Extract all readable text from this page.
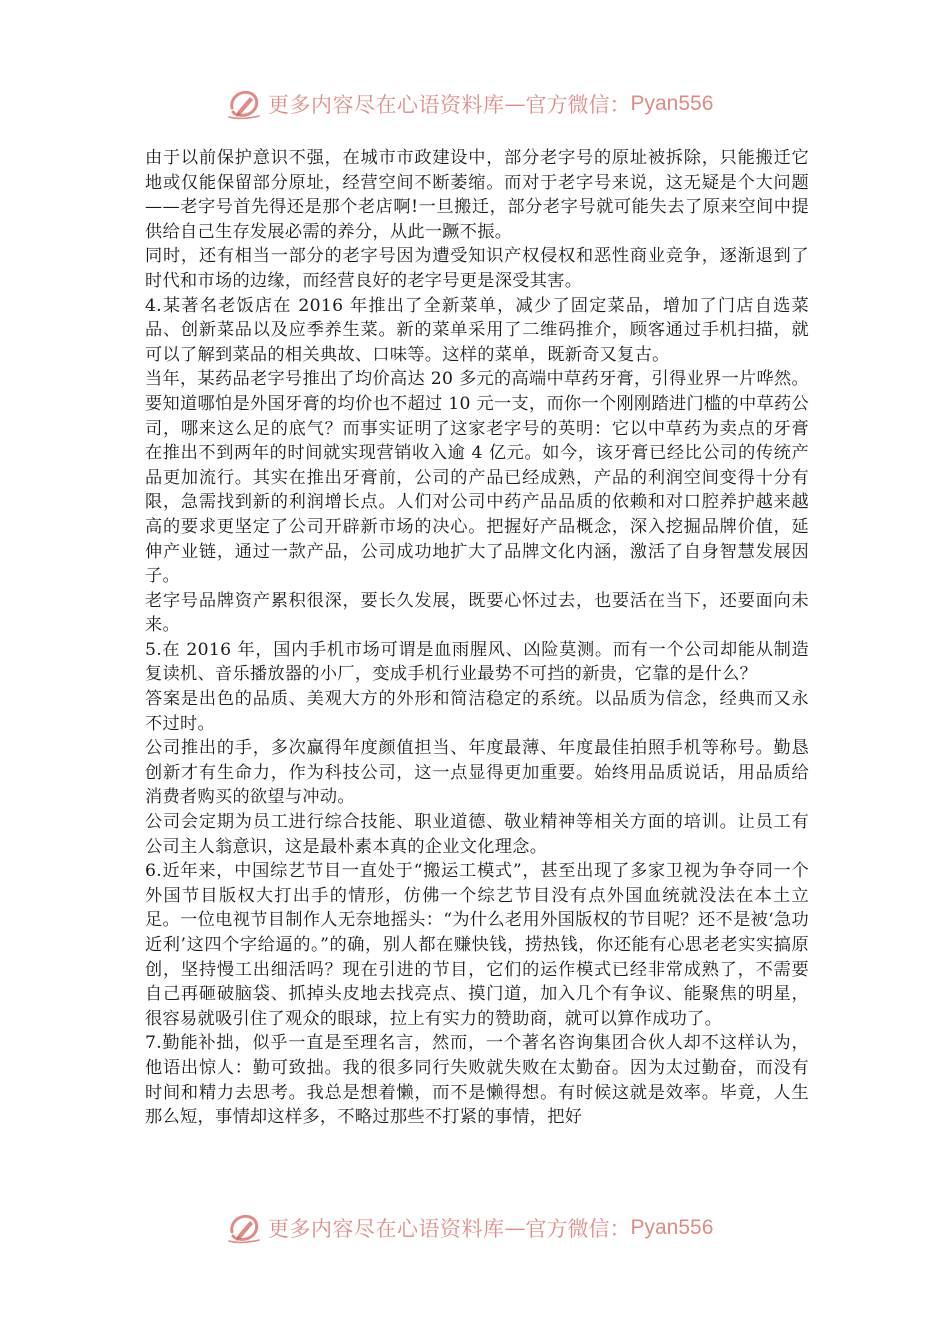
更多内容尽在心语资料库 — 官方微信： Pyan556

由于以前保护意识不强，在城市市政建设中，部分老字号的原址被拆除，只能搬迁它地或仅能保留部分原址，经营空间不断萎缩。而对于老字号来说，这无疑是个大问题——老字号首先得还是那个老店啊!一旦搬迁，部分老字号就可能失去了原来空间中提供给自己生存发展必需的养分，从此一蹶不振。

同时，还有相当一部分的老字号因为遭受知识产权侵权和恶性商业竞争，逐渐退到了时代和市场的边缘，而经营良好的老字号更是深受其害。

4.某著名老饭店在 2016 年推出了全新菜单，减少了固定菜品，增加了门店自选菜品、创新菜品以及应季养生菜。新的菜单采用了二维码推介，顾客通过手机扫描，就可以了解到菜品的相关典故、口味等。这样的菜单，既新奇又复古。

当年，某药品老字号推出了均价高达 20 多元的高端中草药牙膏，引得业界一片哗然。要知道哪怕是外国牙膏的均价也不超过 10 元一支，而你一个刚刚踏进门槛的中草药公司，哪来这么足的底气？而事实证明了这家老字号的英明：它以中草药为卖点的牙膏在推出不到两年的时间就实现营销收入逾 4 亿元。如今，该牙膏已经比公司的传统产品更加流行。其实在推出牙膏前，公司的产品已经成熟，产品的利润空间变得十分有限，急需找到新的利润增长点。人们对公司中药产品品质的依赖和对口腔养护越来越高的要求更坚定了公司开辟新市场的决心。把握好产品概念，深入挖掘品牌价值，延伸产业链，通过一款产品，公司成功地扩大了品牌文化内涵，激活了自身智慧发展因子。

老字号品牌资产累积很深，要长久发展，既要心怀过去，也要活在当下，还要面向未来。

5.在 2016 年，国内手机市场可谓是血雨腥风、凶险莫测。而有一个公司却能从制造复读机、音乐播放器的小厂，变成手机行业最势不可挡的新贵，它靠的是什么？

答案是出色的品质、美观大方的外形和简洁稳定的系统。以品质为信念，经典而又永不过时。

公司推出的手，多次赢得年度颜值担当、年度最薄、年度最佳拍照手机等称号。勤恳创新才有生命力，作为科技公司，这一点显得更加重要。始终用品质说话，用品质给消费者购买的欲望与冲动。

公司会定期为员工进行综合技能、职业道德、敬业精神等相关方面的培训。让员工有公司主人翁意识，这是最朴素本真的企业文化理念。

6.近年来，中国综艺节目一直处于“搬运工模式”，甚至出现了多家卫视为争夺同一个外国节目版权大打出手的情形，仿佛一个综艺节目没有点外国血统就没法在本土立足。一位电视节目制作人无奈地摇头：“为什么老用外国版权的节目呢？还不是被‘急功近利’这四个字给逼的。”的确，别人都在赚快钱，捞热钱，你还能有心思老老实实搞原创，坚持慢工出细活吗？现在引进的节目，它们的运作模式已经非常成熟了，不需要自己再砸破脑袋、抓掉头皮地去找亮点、摸门道，加入几个有争议、能聚焦的明星，很容易就吸引住了观众的眼球，拉上有实力的赞助商，就可以算作成功了。

7.勤能补拙，似乎一直是至理名言，然而，一个著名咨询集团合伙人却不这样认为，他语出惊人：勤可致拙。我的很多同行失败就失败在太勤奋。因为太过勤奋，而没有时间和精力去思考。我总是想着懒，而不是懒得想。有时候这就是效率。毕竟，人生那么短，事情却这样多，不略过那些不打紧的事情，把好

更多内容尽在心语资料库 — 官方微信： Pyan556
